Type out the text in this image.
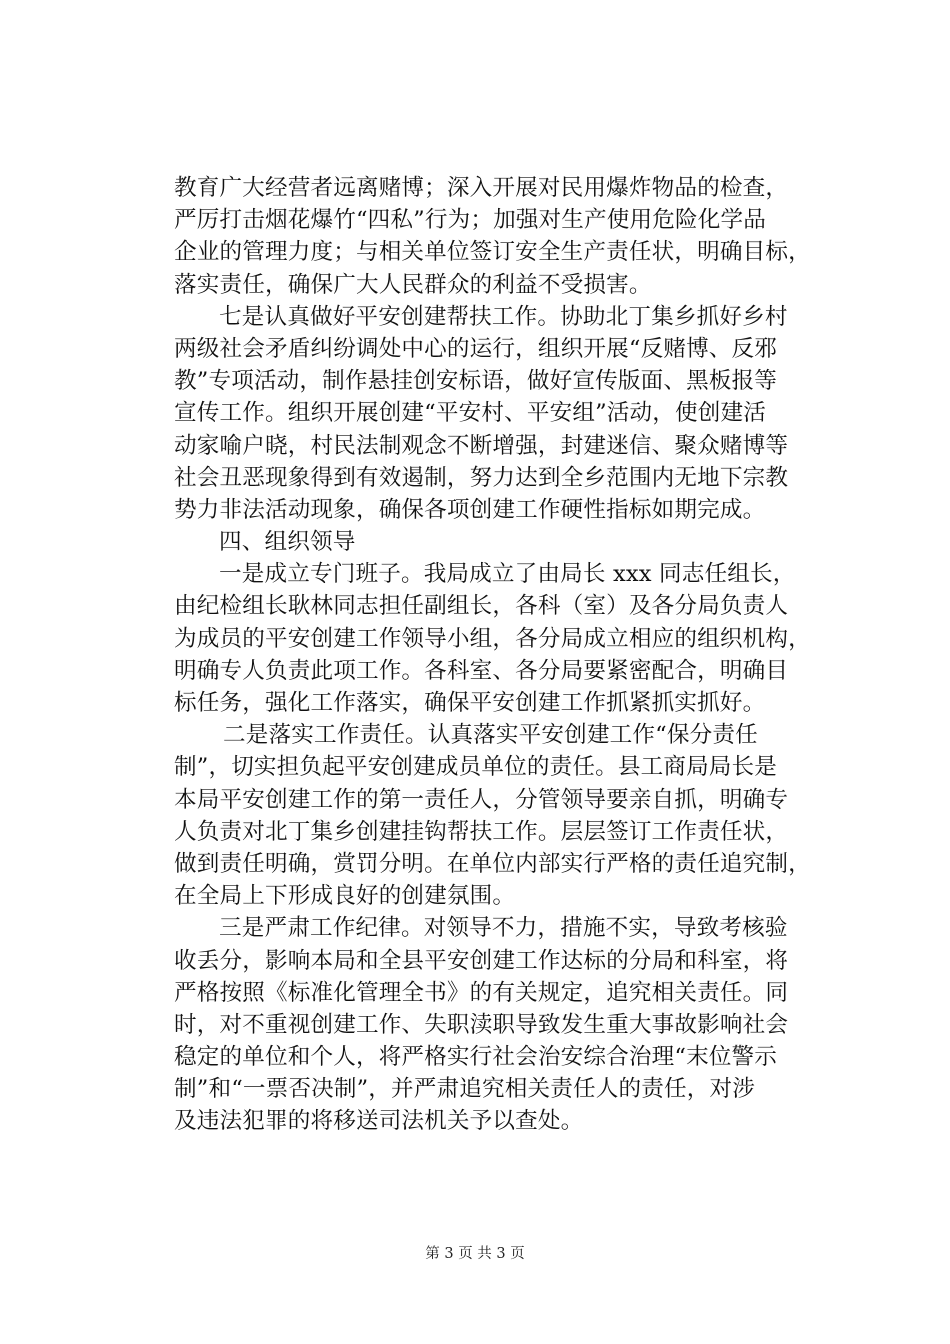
教育广大经营者远离赌博；深入开展对民用爆炸物品的检查，
严厉打击烟花爆竹“四私”行为；加强对生产使用危险化学品
企业的管理力度；与相关单位签订安全生产责任状，明确目标，
落实责任，确保广大人民群众的利益不受损害。
七是认真做好平安创建帮扶工作。协助北丁集乡抓好乡村
两级社会矛盾纠纷调处中心的运行，组织开展“反赌博、反邪
教”专项活动，制作悬挂创安标语，做好宣传版面、黑板报等
宣传工作。组织开展创建“平安村、平安组”活动，使创建活
动家喻户晓，村民法制观念不断增强，封建迷信、聚众赌博等
社会丑恶现象得到有效遏制，努力达到全乡范围内无地下宗教
势力非法活动现象，确保各项创建工作硬性指标如期完成。
四、组织领导
一是成立专门班子。我局成立了由局长 xxx 同志任组长，
由纪检组长耿林同志担任副组长，各科（室）及各分局负责人
为成员的平安创建工作领导小组，各分局成立相应的组织机构，
明确专人负责此项工作。各科室、各分局要紧密配合，明确目
标任务，强化工作落实，确保平安创建工作抓紧抓实抓好。
二是落实工作责任。认真落实平安创建工作“保分责任
制”，切实担负起平安创建成员单位的责任。县工商局局长是
本局平安创建工作的第一责任人，分管领导要亲自抓，明确专
人负责对北丁集乡创建挂钩帮扶工作。层层签订工作责任状，
做到责任明确，赏罚分明。在单位内部实行严格的责任追究制，
在全局上下形成良好的创建氛围。
三是严肃工作纪律。对领导不力，措施不实，导致考核验
收丢分，影响本局和全县平安创建工作达标的分局和科室，将
严格按照《标准化管理全书》的有关规定，追究相关责任。同
时，对不重视创建工作、失职渎职导致发生重大事故影响社会
稳定的单位和个人，将严格实行社会治安综合治理“末位警示
制”和“一票否决制”，并严肃追究相关责任人的责任，对涉
及违法犯罪的将移送司法机关予以查处。
第 3 页 共 3 页
